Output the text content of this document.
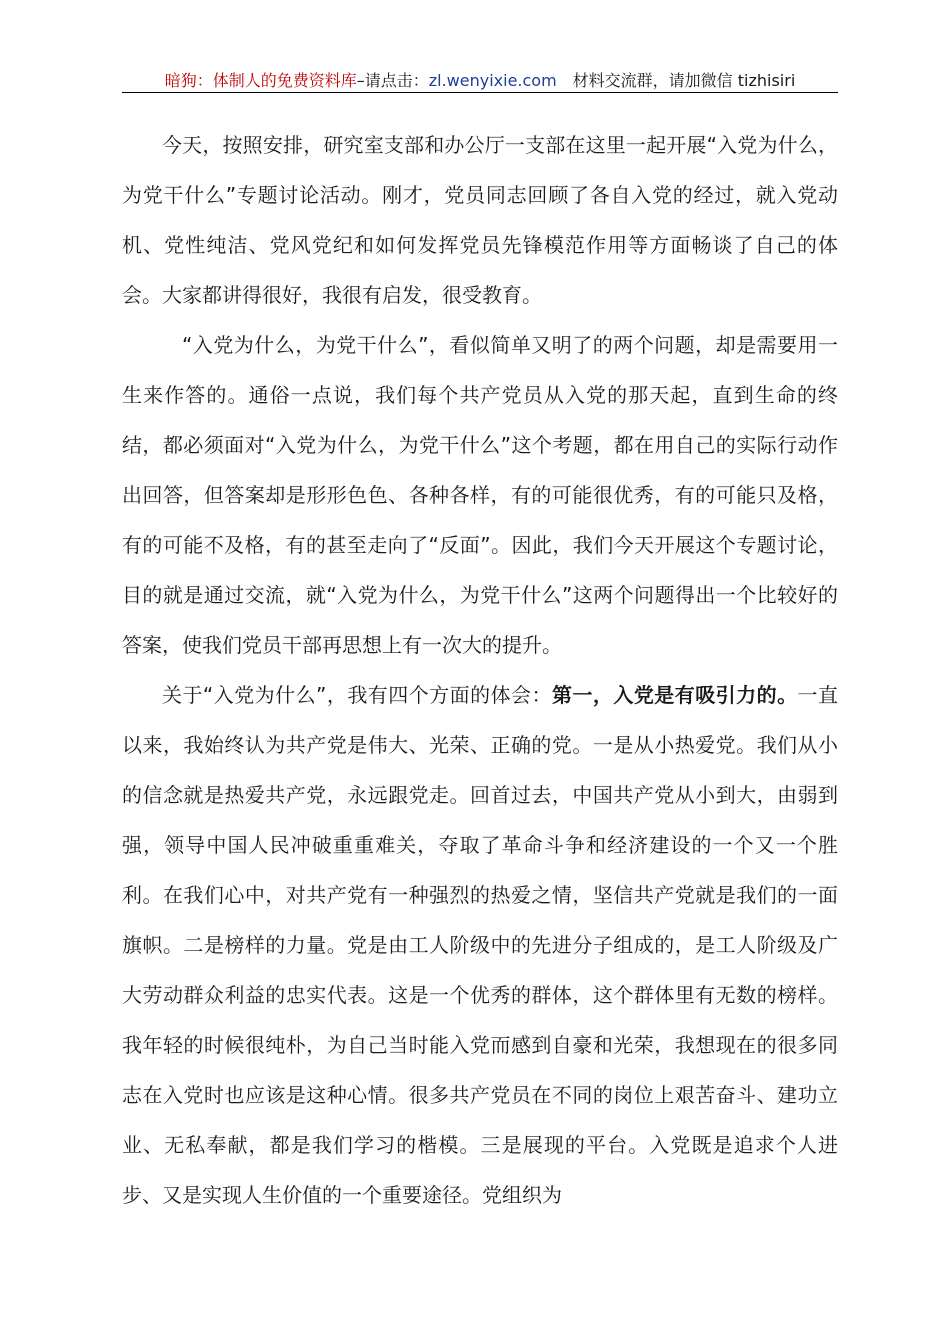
暗狗：体制人的免费资料库–请点击：zl.wenyixie.com 材料交流群，请加微信 tizhisiri

今天，按照安排，研究室支部和办公厅一支部在这里一起开展“入党为什么，为党干什么”专题讨论活动。刚才，党员同志回顾了各自入党的经过，就入党动机、党性纯洁、党风党纪和如何发挥党员先锋模范作用等方面畅谈了自己的体会。大家都讲得很好，我很有启发，很受教育。

“入党为什么，为党干什么”，看似简单又明了的两个问题，却是需要用一生来作答的。通俗一点说，我们每个共产党员从入党的那天起，直到生命的终结，都必须面对“入党为什么，为党干什么”这个考题，都在用自己的实际行动作出回答，但答案却是形形色色、各种各样，有的可能很优秀，有的可能只及格，有的可能不及格，有的甚至走向了“反面”。因此，我们今天开展这个专题讨论，目的就是通过交流，就“入党为什么，为党干什么”这两个问题得出一个比较好的答案，使我们党员干部再思想上有一次大的提升。

关于“入党为什么”，我有四个方面的体会：第一，入党是有吸引力的。一直以来，我始终认为共产党是伟大、光荣、正确的党。一是从小热爱党。我们从小的信念就是热爱共产党，永远跟党走。回首过去，中国共产党从小到大，由弱到强，领导中国人民冲破重重难关，夺取了革命斗争和经济建设的一个又一个胜利。在我们心中，对共产党有一种强烈的热爱之情，坚信共产党就是我们的一面旗帜。二是榜样的力量。党是由工人阶级中的先进分子组成的，是工人阶级及广大劳动群众利益的忠实代表。这是一个优秀的群体，这个群体里有无数的榜样。我年轻的时候很纯朴，为自己当时能入党而感到自豪和光荣，我想现在的很多同志在入党时也应该是这种心情。很多共产党员在不同的岗位上艰苦奋斗、建功立业、无私奉献，都是我们学习的楷模。三是展现的平台。入党既是追求个人进步、又是实现人生价值的一个重要途径。党组织为
